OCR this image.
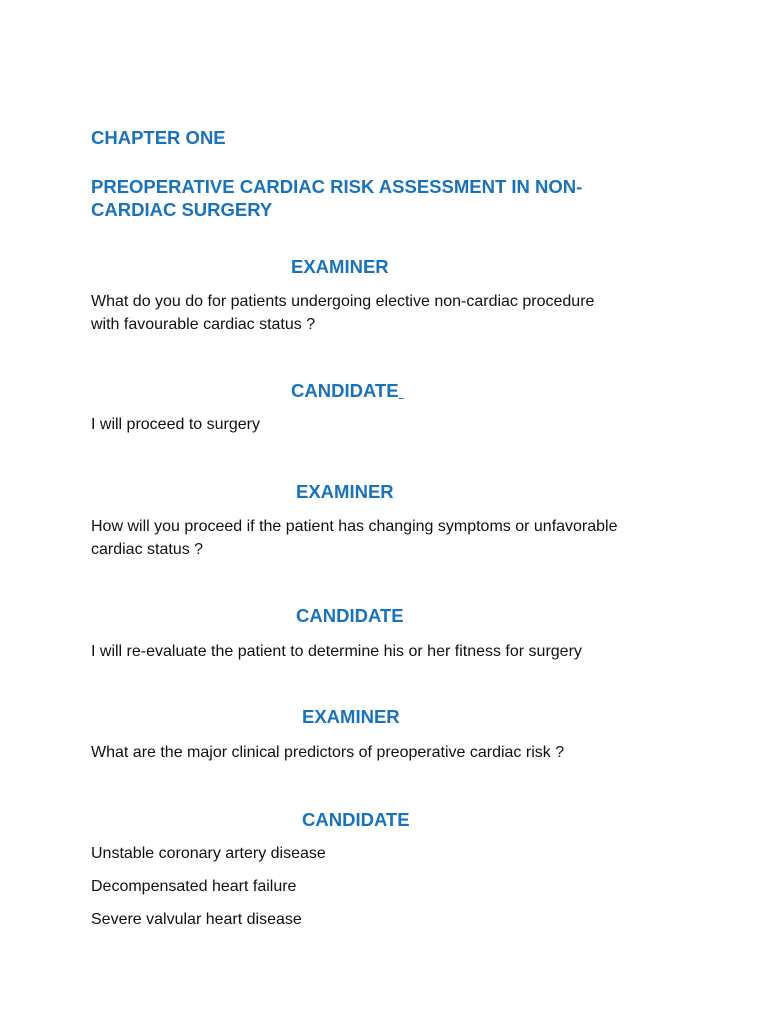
CHAPTER ONE

PREOPERATIVE CARDIAC RISK ASSESSMENT IN NON-

CARDIAC SURGERY

EXAMINER

What do you do for patients undergoing elective non-cardiac procedure

with favourable cardiac status ?

CANDIDATE

I will proceed to surgery

EXAMINER

How will you proceed if the patient has changing symptoms or unfavorable

cardiac status ?

CANDIDATE

I will re-evaluate the patient to determine his or her fitness for surgery

EXAMINER

What are the major clinical predictors of preoperative cardiac risk ?

CANDIDATE

Unstable coronary artery disease

Decompensated heart failure

Severe valvular heart disease
